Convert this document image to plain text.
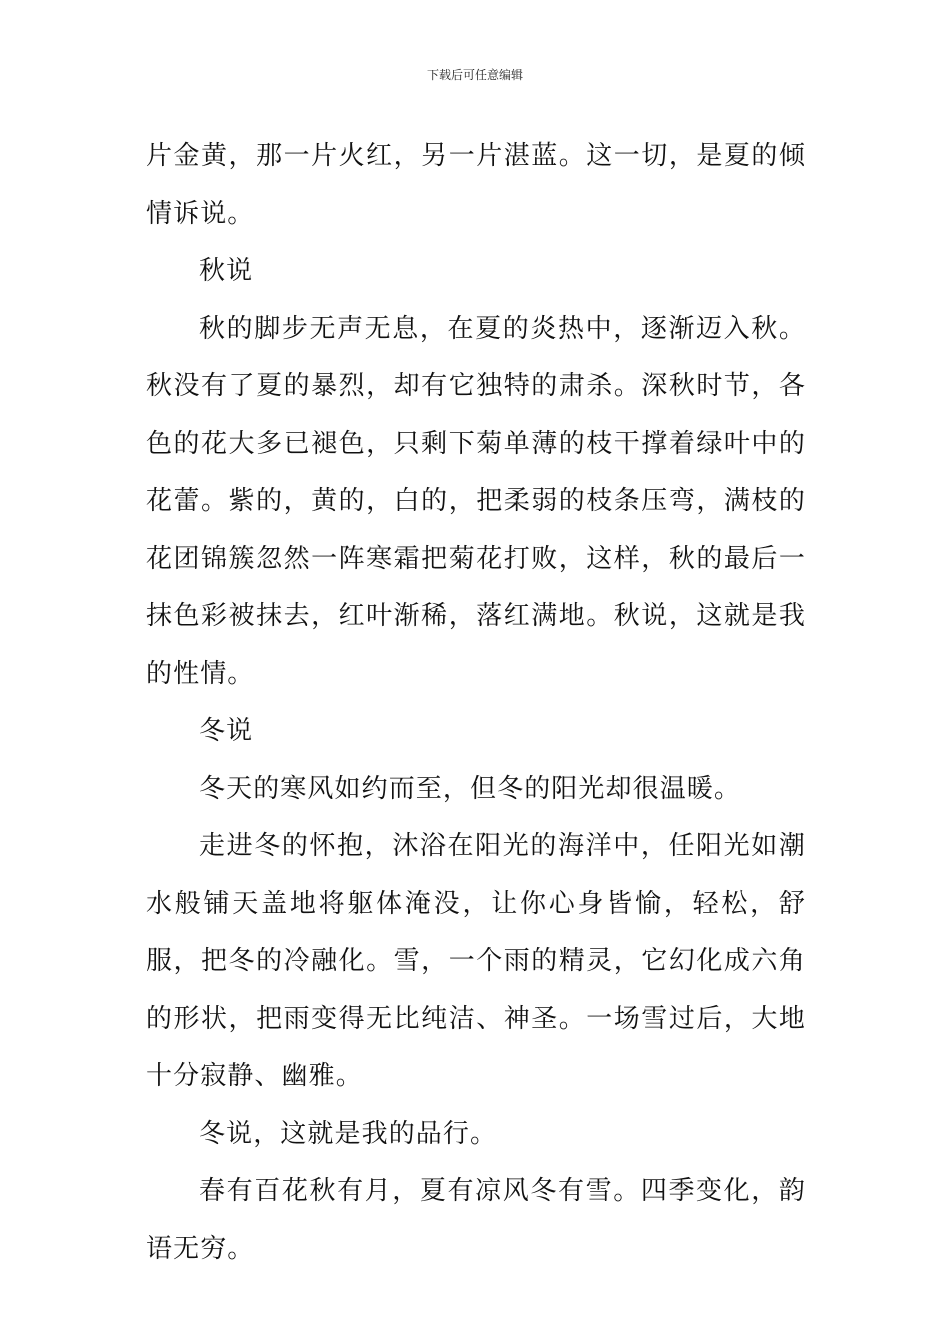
下载后可任意编辑

片金黄，那一片火红，另一片湛蓝。这一切，是夏的倾情诉说。

秋说

秋的脚步无声无息，在夏的炎热中，逐渐迈入秋。秋没有了夏的暴烈，却有它独特的肃杀。深秋时节，各色的花大多已褪色，只剩下菊单薄的枝干撑着绿叶中的花蕾。紫的，黄的，白的，把柔弱的枝条压弯，满枝的花团锦簇忽然一阵寒霜把菊花打败，这样，秋的最后一抹色彩被抹去，红叶渐稀，落红满地。秋说，这就是我的性情。

冬说

冬天的寒风如约而至，但冬的阳光却很温暖。

走进冬的怀抱，沐浴在阳光的海洋中，任阳光如潮水般铺天盖地将躯体淹没，让你心身皆愉，轻松，舒服，把冬的冷融化。雪，一个雨的精灵，它幻化成六角的形状，把雨变得无比纯洁、神圣。一场雪过后，大地十分寂静、幽雅。

冬说，这就是我的品行。

春有百花秋有月，夏有凉风冬有雪。四季变化，韵语无穷。
